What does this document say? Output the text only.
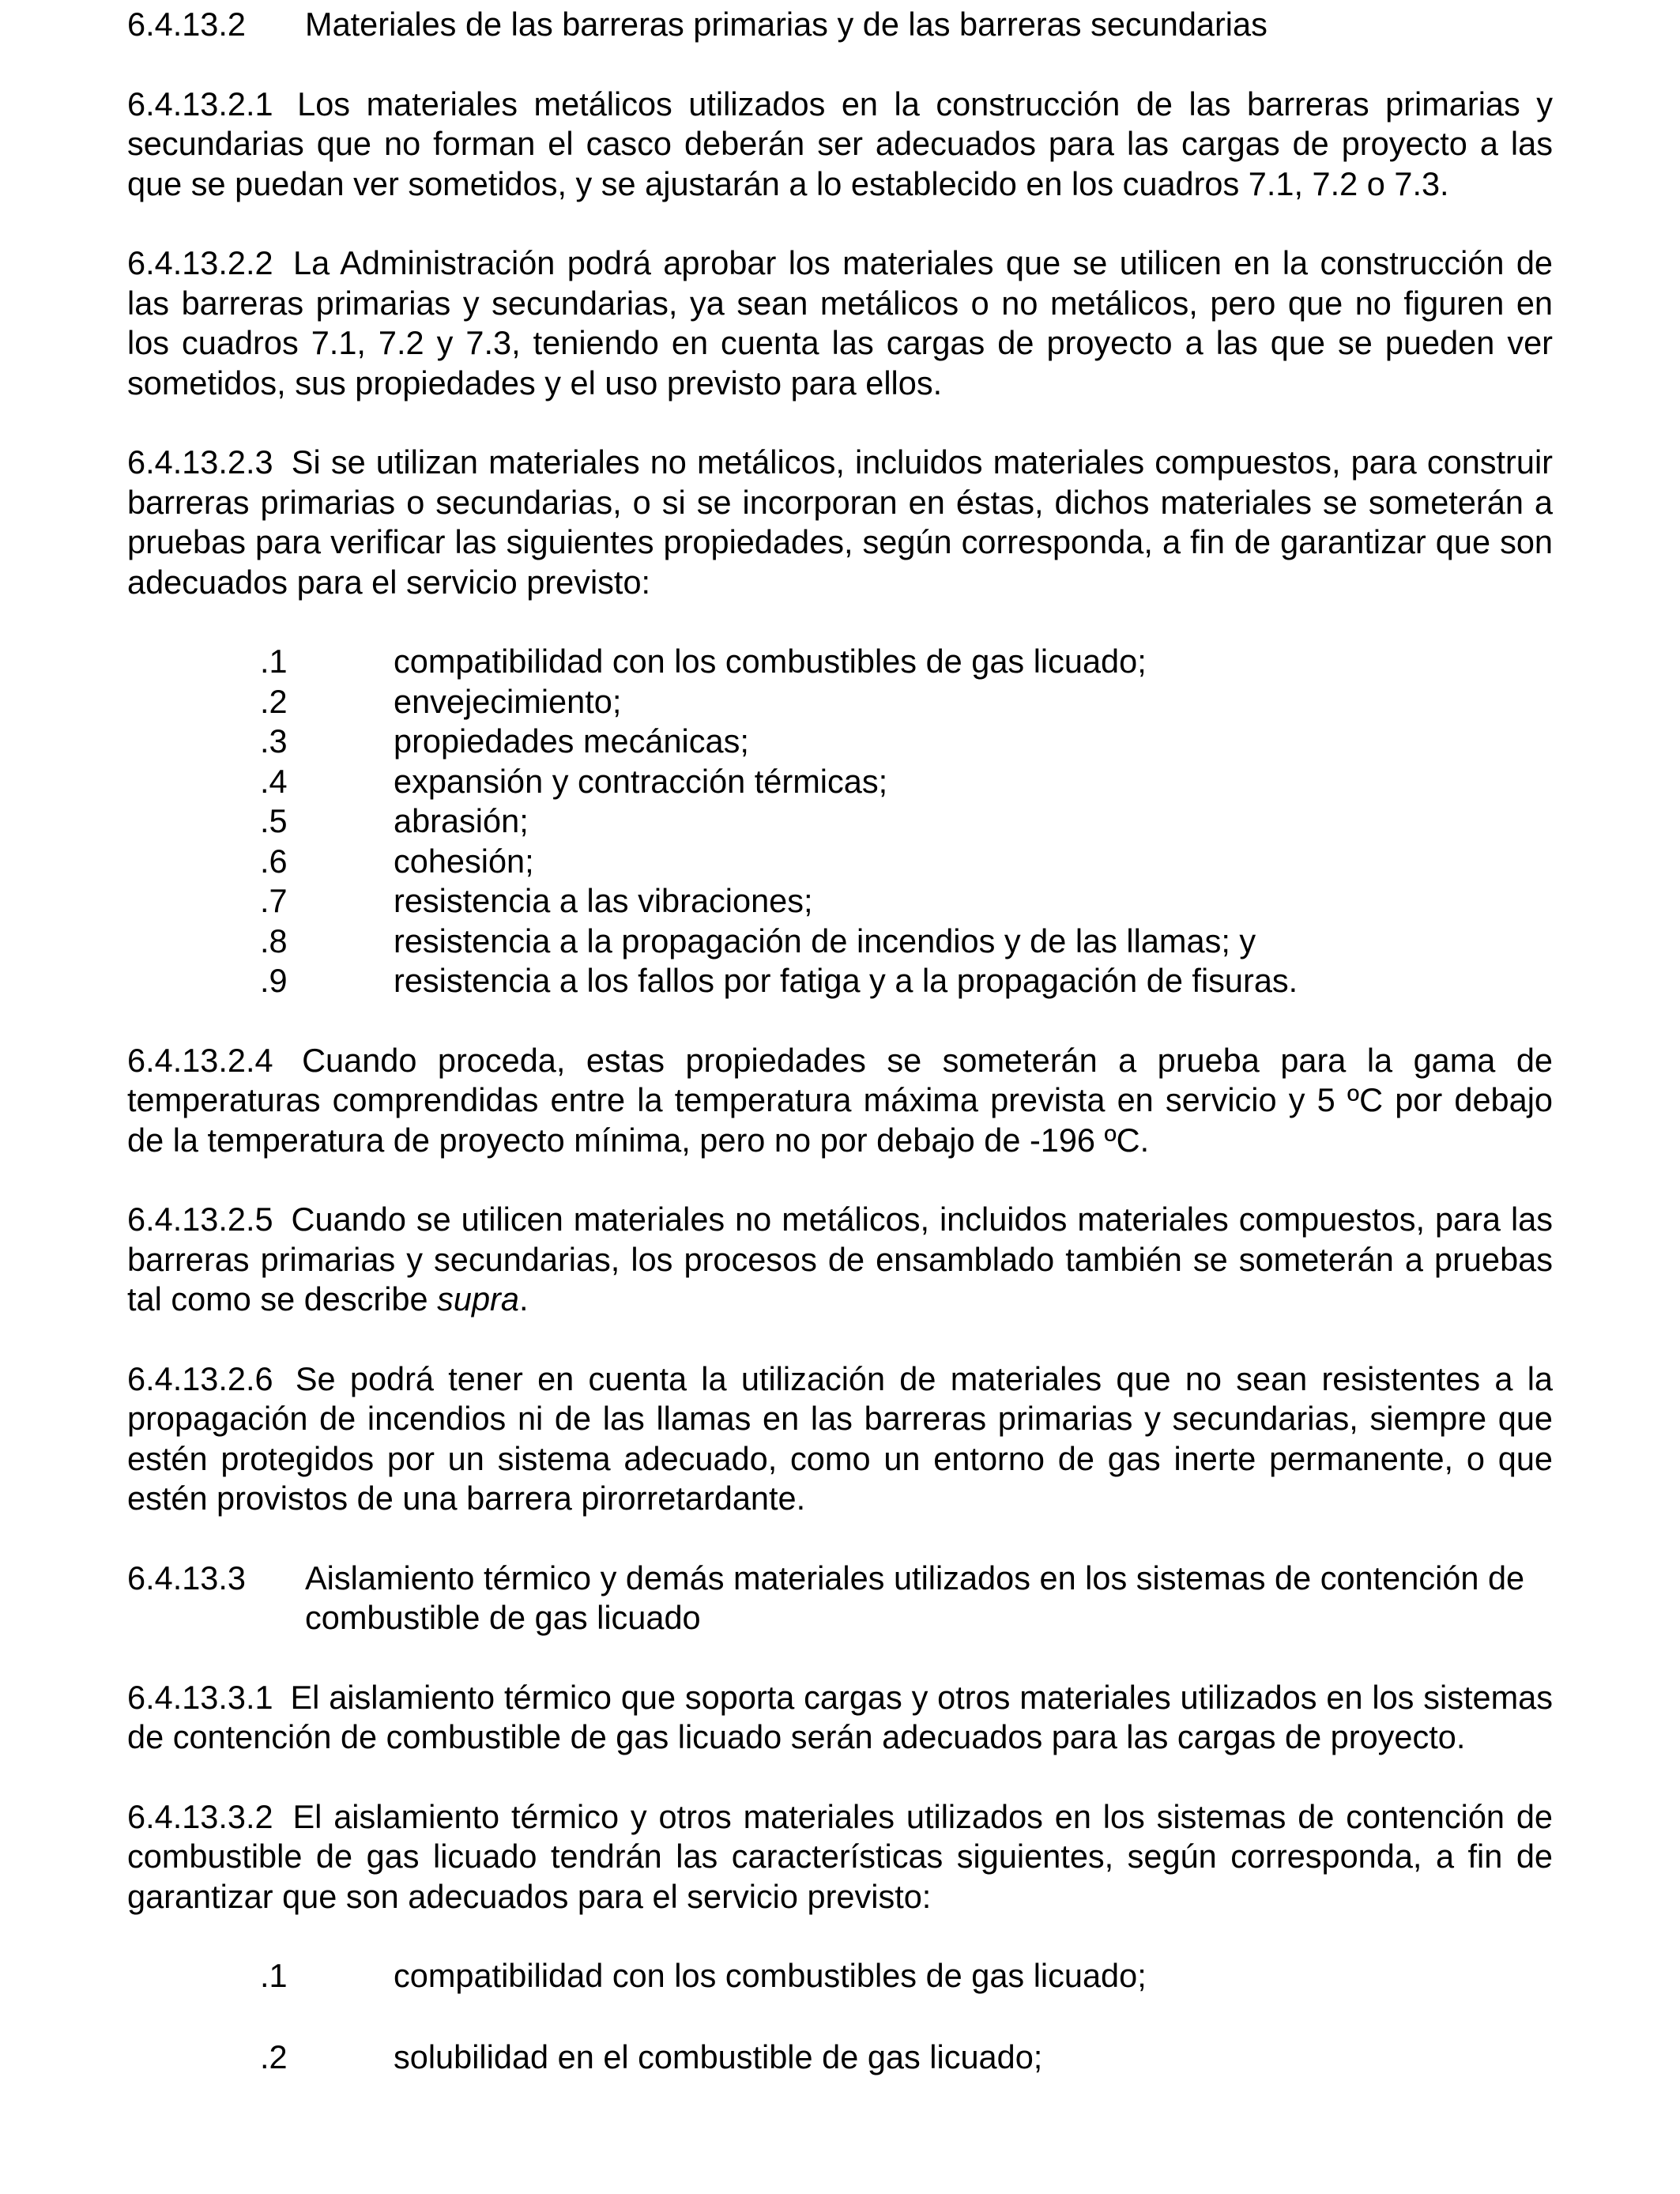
6.4.13.2	Materiales de las barreras primarias y de las barreras secundarias
6.4.13.2.1 Los materiales metálicos utilizados en la construcción de las barreras primarias y secundarias que no forman el casco deberán ser adecuados para las cargas de proyecto a las que se puedan ver sometidos, y se ajustarán a lo establecido en los cuadros 7.1, 7.2 o 7.3.
6.4.13.2.2 La Administración podrá aprobar los materiales que se utilicen en la construcción de las barreras primarias y secundarias, ya sean metálicos o no metálicos, pero que no figuren en los cuadros 7.1, 7.2 y 7.3, teniendo en cuenta las cargas de proyecto a las que se pueden ver sometidos, sus propiedades y el uso previsto para ellos.
6.4.13.2.3 Si se utilizan materiales no metálicos, incluidos materiales compuestos, para construir barreras primarias o secundarias, o si se incorporan en éstas, dichos materiales se someterán a pruebas para verificar las siguientes propiedades, según corresponda, a fin de garantizar que son adecuados para el servicio previsto:
.1	compatibilidad con los combustibles de gas licuado;
.2	envejecimiento;
.3	propiedades mecánicas;
.4	expansión y contracción térmicas;
.5	abrasión;
.6	cohesión;
.7	resistencia a las vibraciones;
.8	resistencia a la propagación de incendios y de las llamas; y
.9	resistencia a los fallos por fatiga y a la propagación de fisuras.
6.4.13.2.4 Cuando proceda, estas propiedades se someterán a prueba para la gama de temperaturas comprendidas entre la temperatura máxima prevista en servicio y 5 ºC por debajo de la temperatura de proyecto mínima, pero no por debajo de -196 ºC.
6.4.13.2.5 Cuando se utilicen materiales no metálicos, incluidos materiales compuestos, para las barreras primarias y secundarias, los procesos de ensamblado también se someterán a pruebas tal como se describe supra.
6.4.13.2.6 Se podrá tener en cuenta la utilización de materiales que no sean resistentes a la propagación de incendios ni de las llamas en las barreras primarias y secundarias, siempre que estén protegidos por un sistema adecuado, como un entorno de gas inerte permanente, o que estén provistos de una barrera pirorretardante.
6.4.13.3	Aislamiento térmico y demás materiales utilizados en los sistemas de contención de combustible de gas licuado
6.4.13.3.1 El aislamiento térmico que soporta cargas y otros materiales utilizados en los sistemas de contención de combustible de gas licuado serán adecuados para las cargas de proyecto.
6.4.13.3.2 El aislamiento térmico y otros materiales utilizados en los sistemas de contención de combustible de gas licuado tendrán las características siguientes, según corresponda, a fin de garantizar que son adecuados para el servicio previsto:
.1	compatibilidad con los combustibles de gas licuado;
.2	solubilidad en el combustible de gas licuado;
